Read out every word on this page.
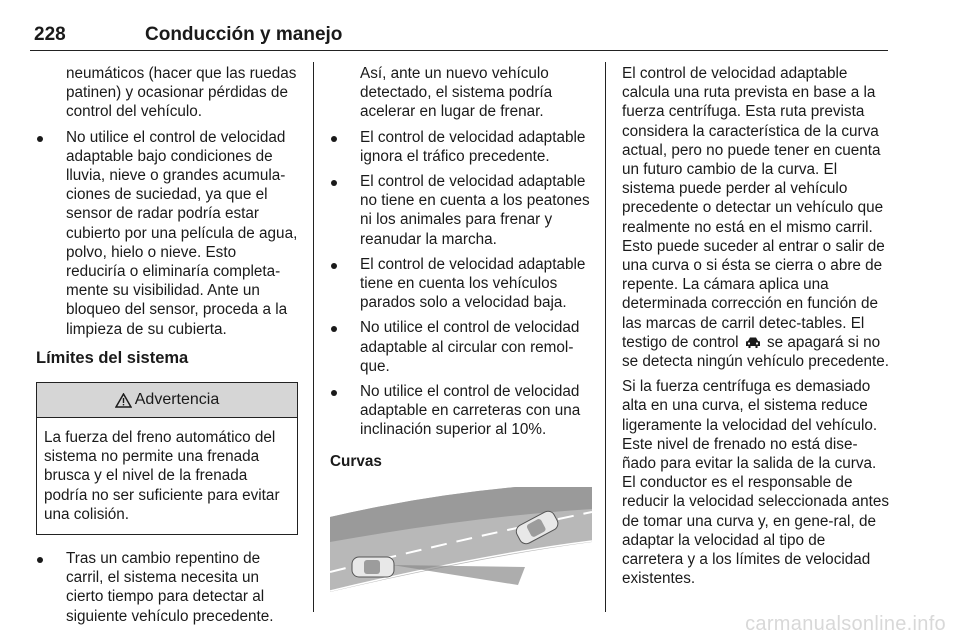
228	Conducción y manejo

neumáticos (hacer que las ruedas patinen) y ocasionar pérdidas de control del vehículo.

No utilice el control de velocidad adaptable bajo condiciones de lluvia, nieve o grandes acumula‐ciones de suciedad, ya que el sensor de radar podría estar cubierto por una película de agua, polvo, hielo o nieve. Esto reduciría o eliminaría completa‐mente su visibilidad. Ante un bloqueo del sensor, proceda a la limpieza de su cubierta.
Límites del sistema
Advertencia
La fuerza del freno automático del sistema no permite una frenada brusca y el nivel de la frenada podría no ser suficiente para evitar una colisión.
Tras un cambio repentino de carril, el sistema necesita un cierto tiempo para detectar al siguiente vehículo precedente.

Así, ante un nuevo vehículo detectado, el sistema podría acelerar en lugar de frenar.

El control de velocidad adaptable ignora el tráfico precedente.
El control de velocidad adaptable no tiene en cuenta a los peatones ni los animales para frenar y reanudar la marcha.
El control de velocidad adaptable tiene en cuenta los vehículos parados solo a velocidad baja.
No utilice el control de velocidad adaptable al circular con remol‐que.
No utilice el control de velocidad adaptable en carreteras con una inclinación superior al 10%.
Curvas

El control de velocidad adaptable calcula una ruta prevista en base a la fuerza centrífuga. Esta ruta prevista considera la característica de la curva actual, pero no puede tener en cuenta un futuro cambio de la curva. El sistema puede perder al vehículo precedente o detectar un vehículo que realmente no está en el mismo carril. Esto puede suceder al entrar o salir de una curva o si ésta se cierra o abre de repente. La cámara aplica una determinada corrección en función de las marcas de carril detec‐tables. El testigo de control se apagará si no se detecta ningún vehículo precedente.

Si la fuerza centrífuga es demasiado alta en una curva, el sistema reduce ligeramente la velocidad del vehículo. Este nivel de frenado no está dise‐ñado para evitar la salida de la curva. El conductor es el responsable de reducir la velocidad seleccionada antes de tomar una curva y, en gene‐ral, de adaptar la velocidad al tipo de carretera y a los límites de velocidad existentes.

carmanualsonline.info
